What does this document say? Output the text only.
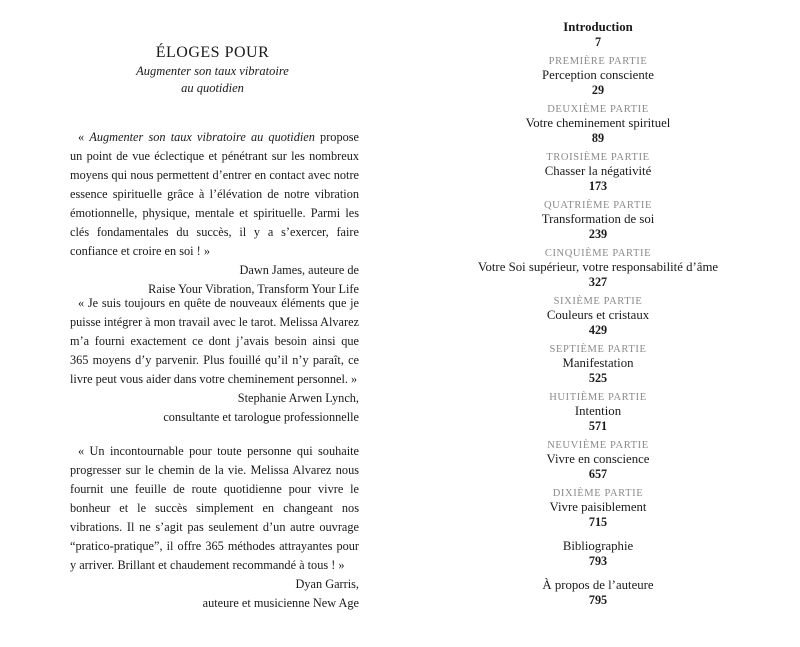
ÉLOGES POUR
Augmenter son taux vibratoire
au quotidien

« Augmenter son taux vibratoire au quotidien propose un point de vue éclectique et pénétrant sur les nombreux moyens qui nous permettent d’entrer en contact avec notre essence spirituelle grâce à l’élévation de notre vibration émotionnelle, physique, mentale et spirituelle. Parmi les clés fondamentales du succès, il y a s’exercer, faire confiance et croire en soi ! »

Dawn James, auteure de
Raise Your Vibration, Transform Your Life

« Je suis toujours en quête de nouveaux éléments que je puisse intégrer à mon travail avec le tarot. Melissa Alvarez m’a fourni exactement ce dont j’avais besoin ainsi que 365 moyens d’y parvenir. Plus fouillé qu’il n’y paraît, ce livre peut vous aider dans votre cheminement personnel. »

Stephanie Arwen Lynch,
consultante et tarologue professionnelle

« Un incontournable pour toute personne qui souhaite progresser sur le chemin de la vie. Melissa Alvarez nous fournit une feuille de route quotidienne pour vivre le bonheur et le succès simplement en changeant nos vibrations. Il ne s’agit pas seulement d’un autre ouvrage “pratico-pratique”, il offre 365 méthodes attrayantes pour y arriver. Brillant et chaudement recommandé à tous ! »

Dyan Garris,
auteure et musicienne New Age
Introduction
7
PREMIÈRE PARTIE
Perception consciente
29
DEUXIÈME PARTIE
Votre cheminement spirituel
89
TROISIÈME PARTIE
Chasser la négativité
173
QUATRIÈME PARTIE
Transformation de soi
239
CINQUIÈME PARTIE
Votre Soi supérieur, votre responsabilité d’âme
327
SIXIÈME PARTIE
Couleurs et cristaux
429
SEPTIÈME PARTIE
Manifestation
525
HUITIÈME PARTIE
Intention
571
NEUVIÈME PARTIE
Vivre en conscience
657
DIXIÈME PARTIE
Vivre paisiblement
715
Bibliographie
793
À propos de l’auteure
795
